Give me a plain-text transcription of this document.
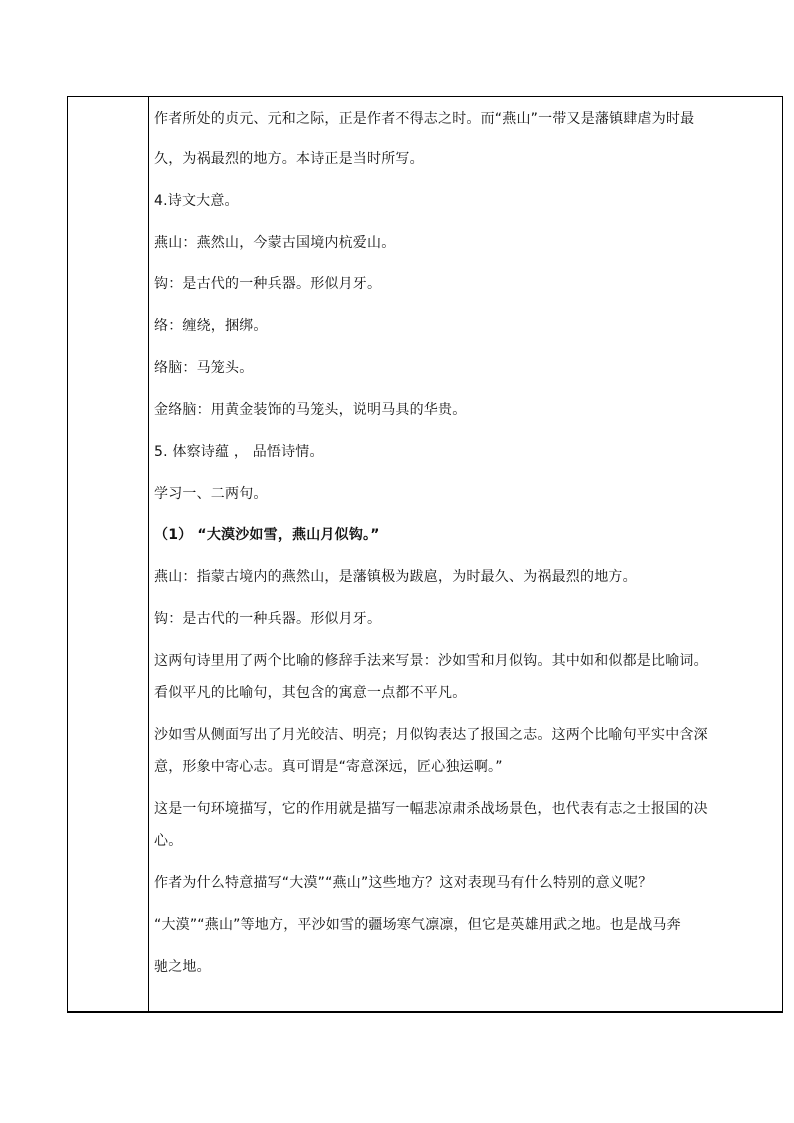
作者所处的贞元、元和之际，正是作者不得志之时。而“燕山”一带又是藩镇肆虐为时最
久，为祸最烈的地方。本诗正是当时所写。
4.诗文大意。
燕山：燕然山，今蒙古国境内杭爱山。
钩：是古代的一种兵器。形似月牙。
络：缠绕，捆绑。
络脑：马笼头。
金络脑：用黄金装饰的马笼头，说明马具的华贵。
5. 体察诗蕴 ， 品悟诗情。
学习一、二两句。
（1） “大漠沙如雪，燕山月似钩。”
燕山：指蒙古境内的燕然山，是藩镇极为跋扈，为时最久、为祸最烈的地方。
钩：是古代的一种兵器。形似月牙。
这两句诗里用了两个比喻的修辞手法来写景：沙如雪和月似钩。其中如和似都是比喻词。
看似平凡的比喻句，其包含的寓意一点都不平凡。
沙如雪从侧面写出了月光皎洁、明亮；月似钩表达了报国之志。这两个比喻句平实中含深
意，形象中寄心志。真可谓是“寄意深远，匠心独运啊。”
这是一句环境描写，它的作用就是描写一幅悲凉肃杀战场景色，也代表有志之士报国的决
心。
作者为什么特意描写“大漠”“燕山”这些地方？这对表现马有什么特别的意义呢？
“大漠”“燕山”等地方，平沙如雪的疆场寒气凛凛，但它是英雄用武之地。也是战马奔
驰之地。
